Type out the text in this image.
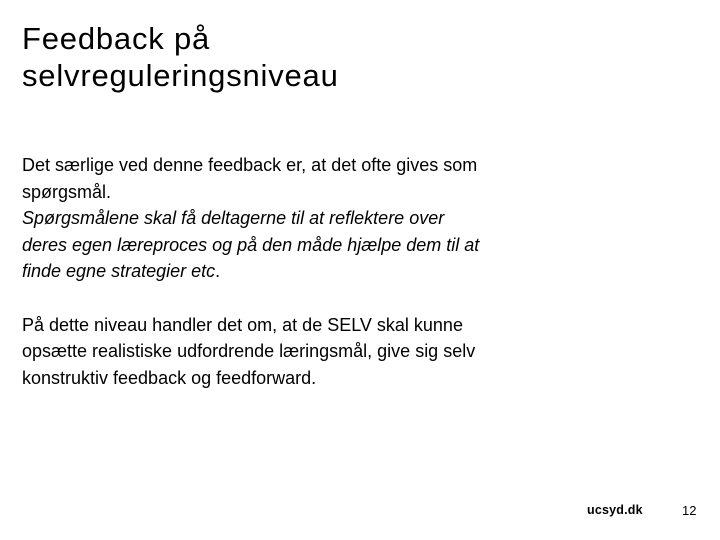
Feedback på
selvreguleringsniveau

Det særlige ved denne feedback er, at det ofte gives som
spørgsmål.
Spørgsmålene skal få deltagerne til at reflektere over
deres egen læreproces og på den måde hjælpe dem til at
finde egne strategier etc.

På dette niveau handler det om, at de SELV skal kunne
opsætte realistiske udfordrende læringsmål, give sig selv
konstruktiv feedback og feedforward.

ucsyd.dk	12
